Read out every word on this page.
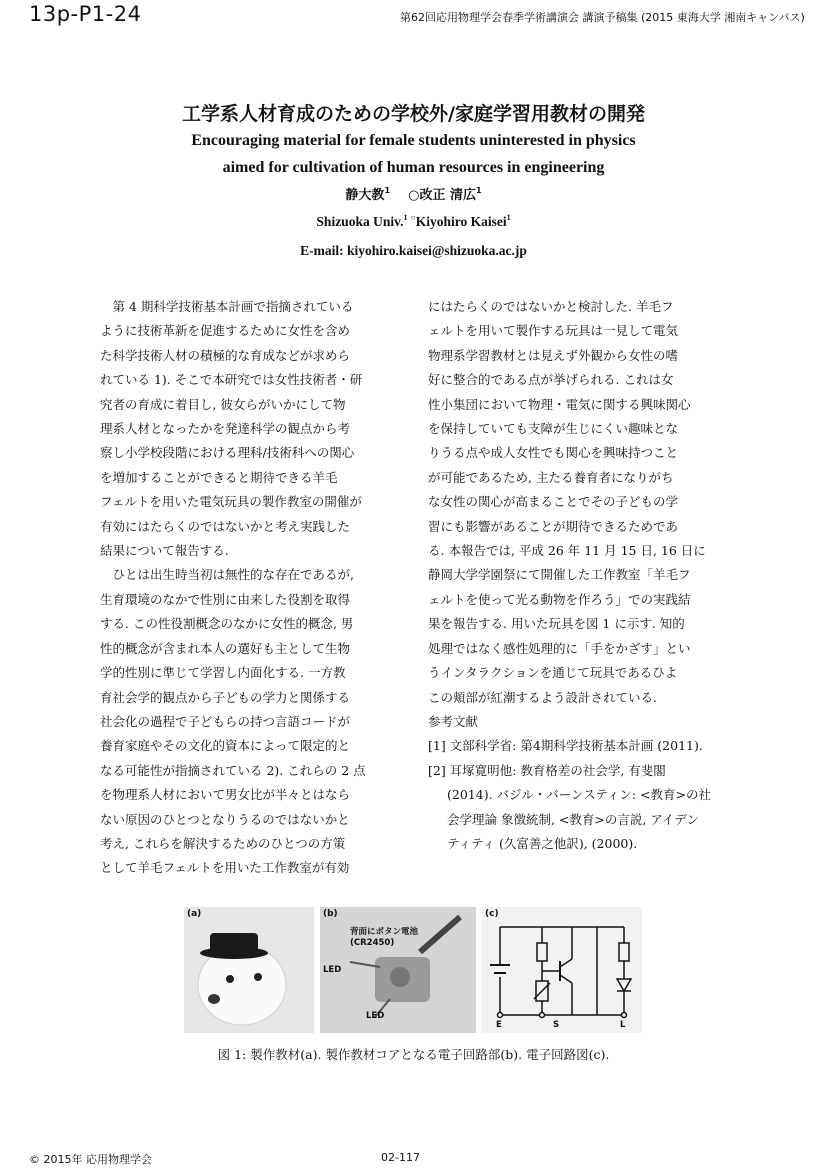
13p-P1-24	第62回応用物理学会春季学術講演会 講演予稿集 (2015 東海大学 湘南キャンパス)
工学系人材育成のための学校外/家庭学習用教材の開発
Encouraging material for female students uninterested in physics
aimed for cultivation of human resources in engineering
静大教$^1$ ○改正 清広$^1$
Shizuoka Univ.$^1$ ○Kiyohiro Kaisei$^1$
E-mail: kiyohiro.kaisei@shizuoka.ac.jp

　第 4 期科学技術基本計画で指摘されている

ように技術革新を促進するために女性を含め

た科学技術人材の積極的な育成などが求めら

れている 1). そこで本研究では女性技術者・研

究者の育成に着目し, 彼女らがいかにして物

理系人材となったかを発達科学の観点から考

察し小学校段階における理科/技術科への関心

を増加することができると期待できる羊毛

フェルトを用いた電気玩具の製作教室の開催が

有効にはたらくのではないかと考え実践した

結果について報告する.

　ひとは出生時当初は無性的な存在であるが,

生育環境のなかで性別に由来した役割を取得

する. この性役割概念のなかに女性的概念, 男

性的概念が含まれ本人の選好も主として生物

学的性別に準じて学習し内面化する. 一方教

育社会学的観点から子どもの学力と関係する

社会化の過程で子どもらの持つ言語コードが

養育家庭やその文化的資本によって限定的と

なる可能性が指摘されている 2). これらの 2 点

を物理系人材において男女比が半々とはなら

ない原因のひとつとなりうるのではないかと

考え, これらを解決するためのひとつの方策

として羊毛フェルトを用いた工作教室が有効

にはたらくのではないかと検討した. 羊毛フ

ェルトを用いて製作する玩具は一見して電気

物理系学習教材とは見えず外観から女性の嗜

好に整合的である点が挙げられる. これは女

性小集団において物理・電気に関する興味関心

を保持していても支障が生じにくい趣味とな

りうる点や成人女性でも関心を興味持つこと

が可能であるため, 主たる養育者になりがち

な女性の関心が高まることでその子どもの学

習にも影響があることが期待できるためであ

る. 本報告では, 平成 26 年 11 月 15 日, 16 日に

静岡大学学園祭にて開催した工作教室「羊毛フ

ェルトを使って光る動物を作ろう」での実践結

果を報告する. 用いた玩具を図 1 に示す. 知的

処理ではなく感性処理的に「手をかざす」とい

うインタラクションを通じて玩具であるひよ

この頬部が紅潮するよう設計されている.

参考文献

[1] 文部科学省: 第4期科学技術基本計画 (2011).

[2] 耳塚寛明他: 教育格差の社会学, 有斐閣

(2014). バジル・バーンスティン: <教育>の社

会学理論 象徴統制, <教育>の言説, アイデン

ティティ (久富善之他訳), (2000).

(a)	(b)
背面にボタン電池
(CR2450)
LED
LED
(c)
E	S	L
図 1: 製作教材(a). 製作教材コアとなる電子回路部(b). 電子回路図(c).
© 2015年 応用物理学会	02-117
